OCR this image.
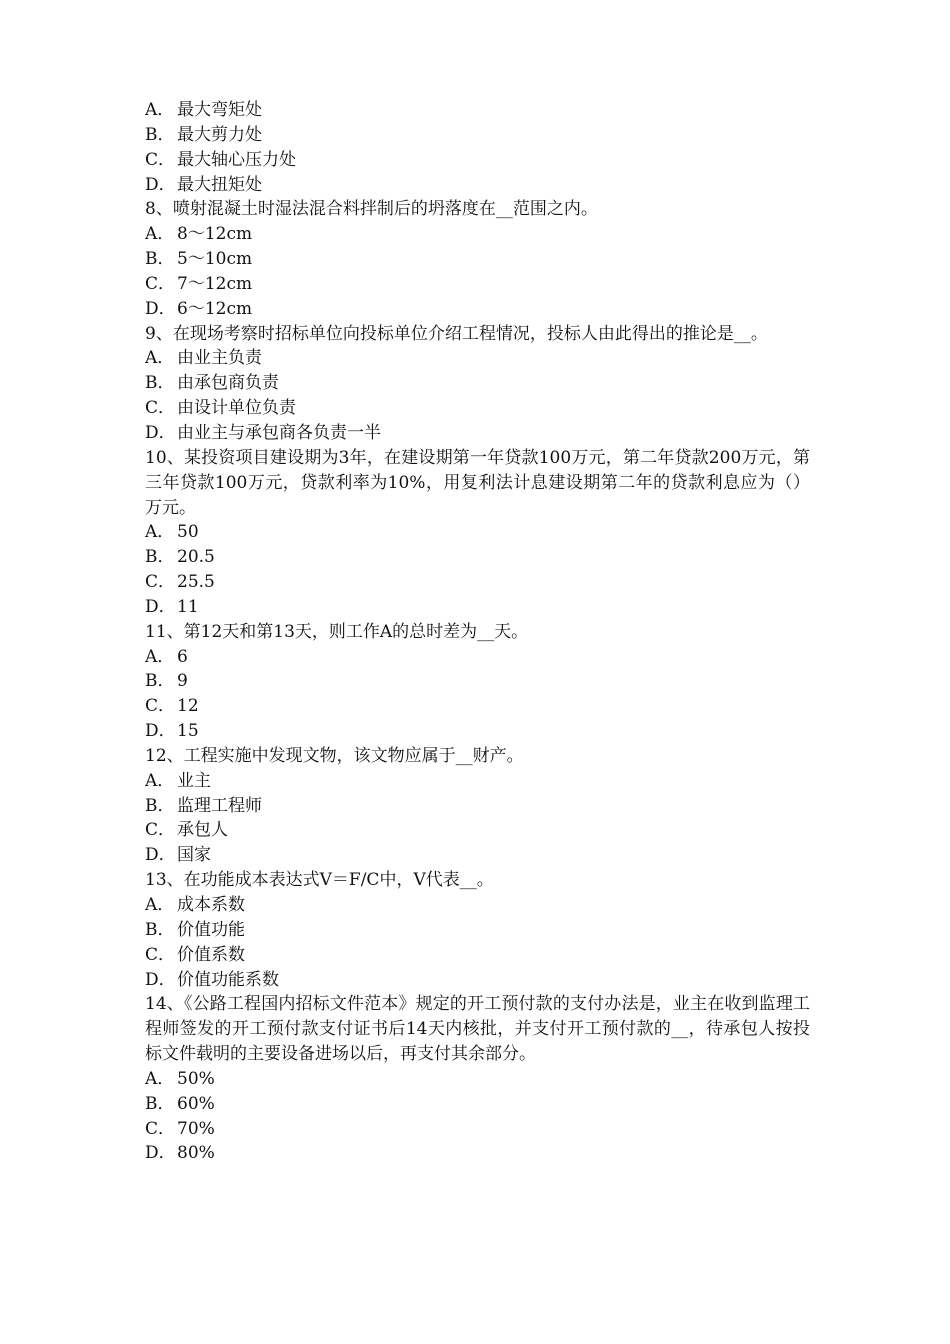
A． 最大弯矩处
B． 最大剪力处
C． 最大轴心压力处
D．最大扭矩处
8、喷射混凝土时湿法混合料拌制后的坍落度在__范围之内。
A． 8～12cm
B． 5～10cm
C． 7～12cm
D．6～12cm
9、在现场考察时招标单位向投标单位介绍工程情况，投标人由此得出的推论是__。
A． 由业主负责
B． 由承包商负责
C． 由设计单位负责
D．由业主与承包商各负责一半
10、某投资项目建设期为3年，在建设期第一年贷款100万元，第二年贷款200万元，第三年贷款100万元，贷款利率为10%，用复利法计息建设期第二年的贷款利息应为（）万元。
A． 50
B． 20.5
C． 25.5
D．11
11、第12天和第13天，则工作A的总时差为__天。
A． 6
B． 9
C． 12
D．15
12、工程实施中发现文物，该文物应属于__财产。
A． 业主
B． 监理工程师
C． 承包人
D．国家
13、在功能成本表达式V＝F/C中，V代表__。
A． 成本系数
B． 价值功能
C． 价值系数
D．价值功能系数
14、《公路工程国内招标文件范本》规定的开工预付款的支付办法是，业主在收到监理工程师签发的开工预付款支付证书后14天内核批，并支付开工预付款的__，待承包人按投标文件载明的主要设备进场以后，再支付其余部分。
A． 50%
B． 60%
C． 70%
D．80%
